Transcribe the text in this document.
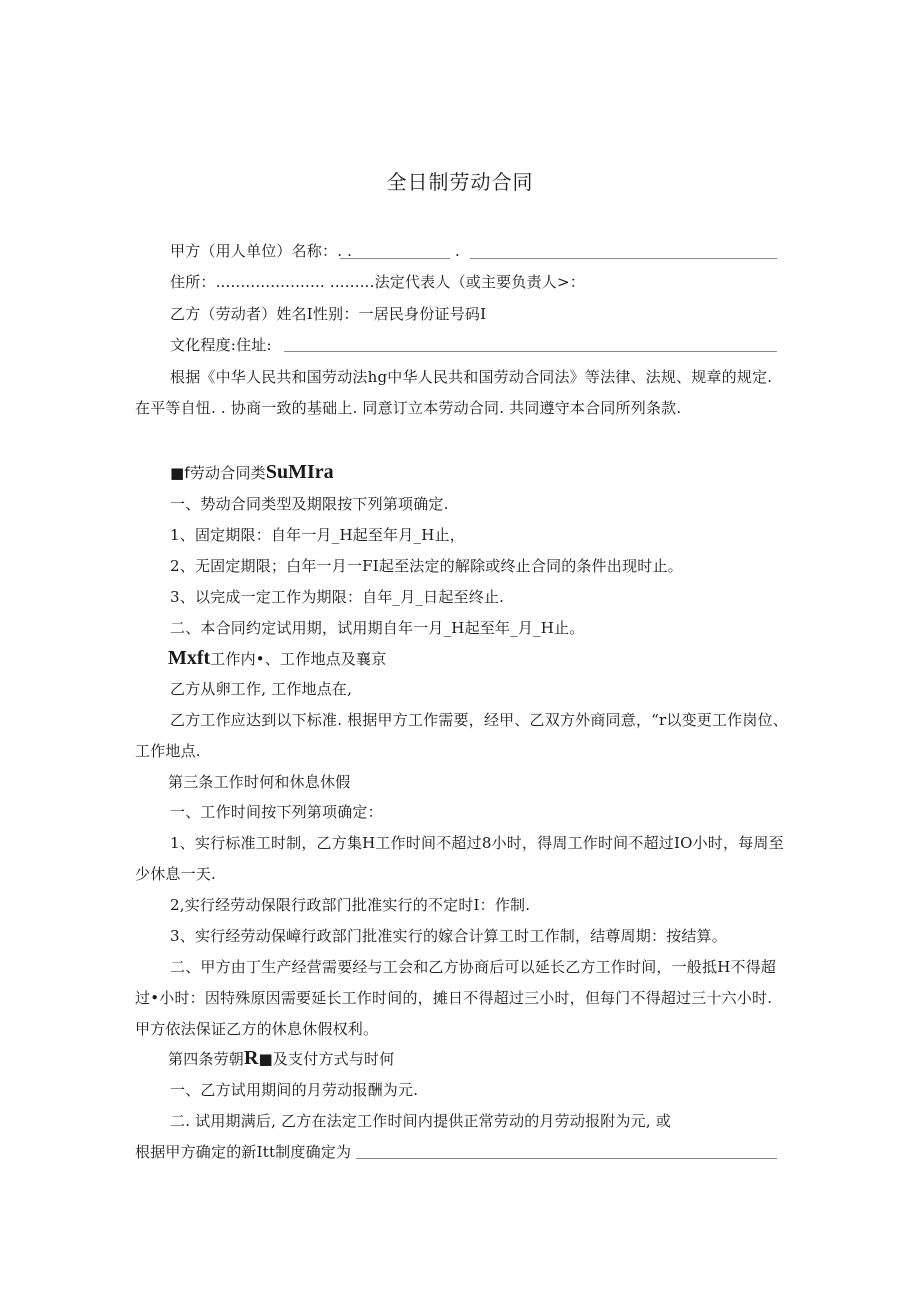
全日制劳动合同
甲方（用人单位）名称：. .	.
住所：...................... .........法定代表人（或主要负责人>：
乙方（劳动者）姓名I性别：一居民身份证号码I
文化程度:住址:
根据《中华人民共和国劳动法hg中华人民共和国劳动合同法》等法律、法规、规章的规定.
在平等自忸. . 协商一致的基础上. 同意订立本劳动合同. 共同遵守本合同所列条款.
■f劳动合同类SuMIra
一、势动合同类型及期限按下列第项确定.
1、固定期限：自年一月_H起至年月_H止，
2、无固定期限；白年一月一FI起至法定的解除或终止合同的条件出现时止。
3、以完成一定工作为期限：自年_月_日起至终止.
二、本合同约定试用期，试用期自年一月_H起至年_月_H止。
Mxft工作内•、工作地点及襄京
乙方从卵工作, 工作地点在,
乙方工作应达到以下标准. 根据甲方工作需要，经甲、乙双方外商同意，“r以变更工作岗位、
工作地点.
第三条工作时何和休息休假
一、工作时间按下列第项确定：
1、实行标准工时制，乙方集H工作时间不超过8小时，得周工作时间不超过IO小时，每周至
少休息一天.
2,实行经劳动保限行政部门批准实行的不定时I：作制.
3、实行经劳动保嶂行政部门批准实行的嫁合计算工时工作制，结尊周期：按结算。
二、甲方由丁生产经营需要经与工会和乙方协商后可以延长乙方工作时间，一般抵H不得超
过•小时：因特殊原因需要延长工作时间的，摊日不得超过三小时，但每门不得超过三十六小时.
甲方依法保证乙方的休息休假权利。
第四条劳朝R■及支付方式与时何
一、乙方试用期间的月劳动报酬为元.
二. 试用期满后, 乙方在法定工作时间内提供正常劳动的月劳动报附为元, 或
根据甲方确定的新Itt制度确定为
